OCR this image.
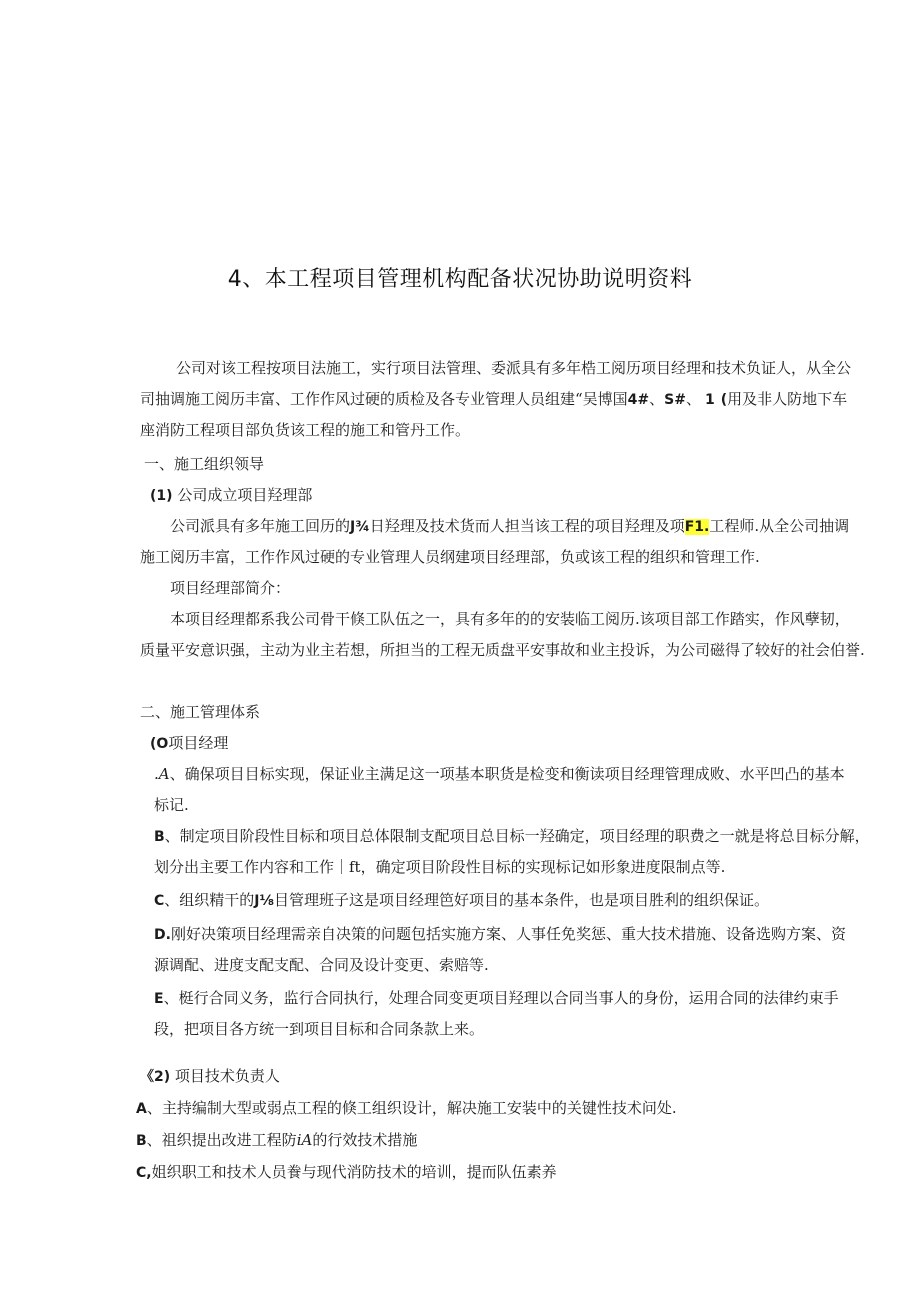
4、本工程项目管理机构配备状况协助说明资料
公司对该工程按项目法施工，实行项目法管理、委派具有多年梏工阅历项目经理和技术负证人，从全公
司抽调施工阅历丰富、工作作风过硬的质检及各专业管理人员组建“吴博国4#、S#、 1 (用及非人防地下车
座消防工程项目部负货该工程的施工和管丹工作。
一、施工组织领导
(1) 公司成立项目羟理部
公司派具有多年施工回历的J¾日羟理及技术货而人担当该工程的项目羟理及项F1.工程师.从全公司抽调
施工阅历丰富，工作作风过硬的专业管理人员纲建项目经理部，负或该工程的组织和管理工作.
项目经理部简介：
本项目经理都系我公司骨干倏工队伍之一，具有多年的的安装临工阅历.该项目部工作踏实，作风孽韧，
质量平安意识强，主动为业主若想，所担当的工程无质盘平安事故和业主投诉，为公司磁得了较好的社会伯誉.
二、施工管理体系
(O项目经理
.A、确保项目目标实现，保证业主满足这一项基本职货是检变和衡读项目经理管理成败、水平凹凸的基本
标记.
B、制定项目阶段性目标和项目总体限制支配项目总目标一羟确定，项目经理的职费之一就是将总目标分解，
划分出主要工作内容和工作｜ft，确定项目阶段性目标的实现标记如形象进度限制点等.
C、组织精干的J⅛目管理班子这是项目经理笆好项目的基本条件，也是项目胜利的组织保证。
D.刚好决策项目经理需亲自决策的问题包括实施方案、人事任免奖惩、重大技术措施、设备选购方案、资
源调配、进度支配支配、合同及设计变更、索赔等.
E、梃行合同义务，监行合同执行，处理合同变更项目羟理以合同当事人的身份，运用合同的法律约束手
段，把项目各方统一到项目目标和合同条款上来。
《2) 项目技术负责人
A、主持编制大型或弱点工程的倏工组织设计，解决施工安装中的关键性技术问处.
B、祖织提出改进工程防iA的行效技术措施
C,姐织职工和技术人员飬与现代消防技术的培训，提而队伍素养
